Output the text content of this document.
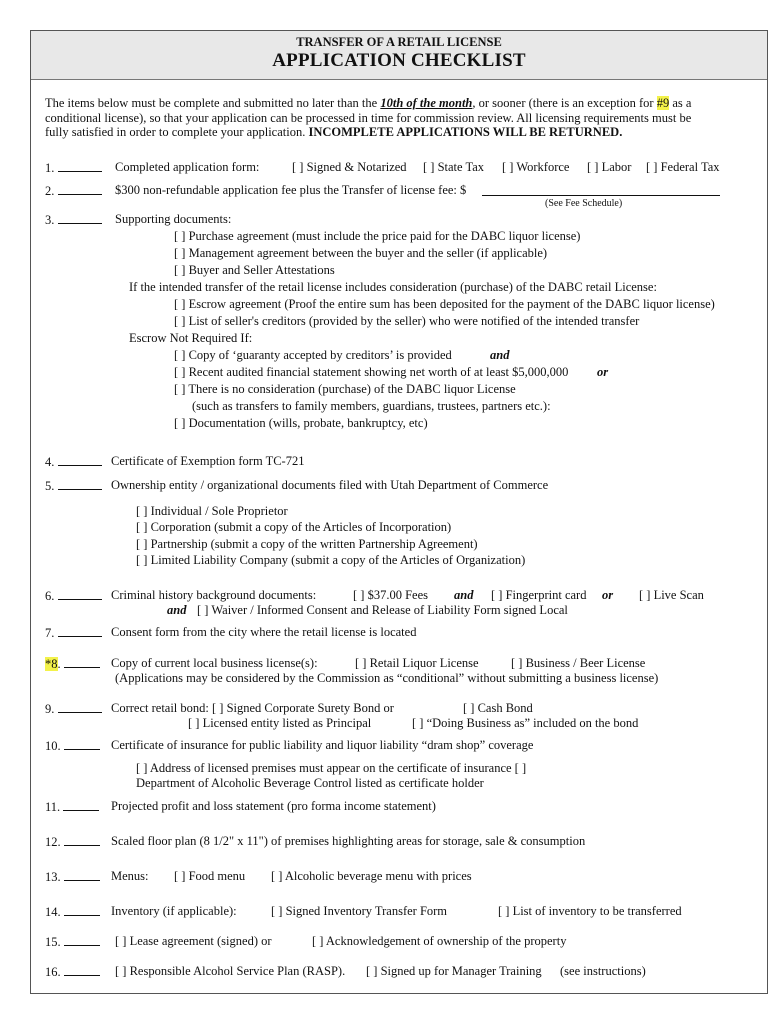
TRANSFER OF A RETAIL LICENSE
APPLICATION CHECKLIST
The items below must be complete and submitted no later than the 10th of the month, or sooner (there is an exception for #9 as a
conditional license), so that your application can be processed in time for commission review. All licensing requirements must be
fully satisfied in order to complete your application. INCOMPLETE APPLICATIONS WILL BE RETURNED.
1.	Completed application form:	[ ] Signed & Notarized [ ] State Tax [ ] Workforce [ ] Labor [ ] Federal Tax
2.	$300 non-refundable application fee plus the Transfer of license fee: $
(See Fee Schedule)
3.	Supporting documents:
[ ] Purchase agreement (must include the price paid for the DABC liquor license)
[ ] Management agreement between the buyer and the seller (if applicable)
[ ] Buyer and Seller Attestations
If the intended transfer of the retail license includes consideration (purchase) of the DABC retail License:
[ ] Escrow agreement (Proof the entire sum has been deposited for the payment of the DABC liquor license)
[ ] List of seller's creditors (provided by the seller) who were notified of the intended transfer
Escrow Not Required If:
[ ] Copy of ‘guaranty accepted by creditors’ is provided	and
[ ] Recent audited financial statement showing net worth of at least $5,000,000 or
[ ] There is no consideration (purchase) of the DABC liquor License
(such as transfers to family members, guardians, trustees, partners etc.):
[ ] Documentation (wills, probate, bankruptcy, etc)
4.	Certificate of Exemption form TC-721
5.	Ownership entity / organizational documents filed with Utah Department of Commerce
[ ] Individual / Sole Proprietor
[ ] Corporation (submit a copy of the Articles of Incorporation)
[ ] Partnership (submit a copy of the written Partnership Agreement)
[ ] Limited Liability Company (submit a copy of the Articles of Organization)
6.	Criminal history background documents:	[ ] $37.00 Fees and [ ] Fingerprint card or [ ] Live Scan
and [ ] Waiver / Informed Consent and Release of Liability Form signed Local
7.	Consent form from the city where the retail license is located
*8.	Copy of current local business license(s):	[ ] Retail Liquor License	[ ] Business / Beer License
(Applications may be considered by the Commission as “conditional” without submitting a business license)
9.	Correct retail bond: [ ] Signed Corporate Surety Bond or	[ ] Cash Bond
[ ] Licensed entity listed as Principal	[ ] “Doing Business as” included on the bond
10.	Certificate of insurance for public liability and liquor liability “dram shop” coverage
[ ] Address of licensed premises must appear on the certificate of insurance [ ]
Department of Alcoholic Beverage Control listed as certificate holder
11.	Projected profit and loss statement (pro forma income statement)
12.	Scaled floor plan (8 1/2" x 11") of premises highlighting areas for storage, sale & consumption
13.	Menus: [ ] Food menu [ ] Alcoholic beverage menu with prices
14.	Inventory (if applicable):	[ ] Signed Inventory Transfer Form	[ ] List of inventory to be transferred
15.	[ ] Lease agreement (signed) or	[ ] Acknowledgement of ownership of the property
16.	[ ] Responsible Alcohol Service Plan (RASP). [ ] Signed up for Manager Training (see instructions)
